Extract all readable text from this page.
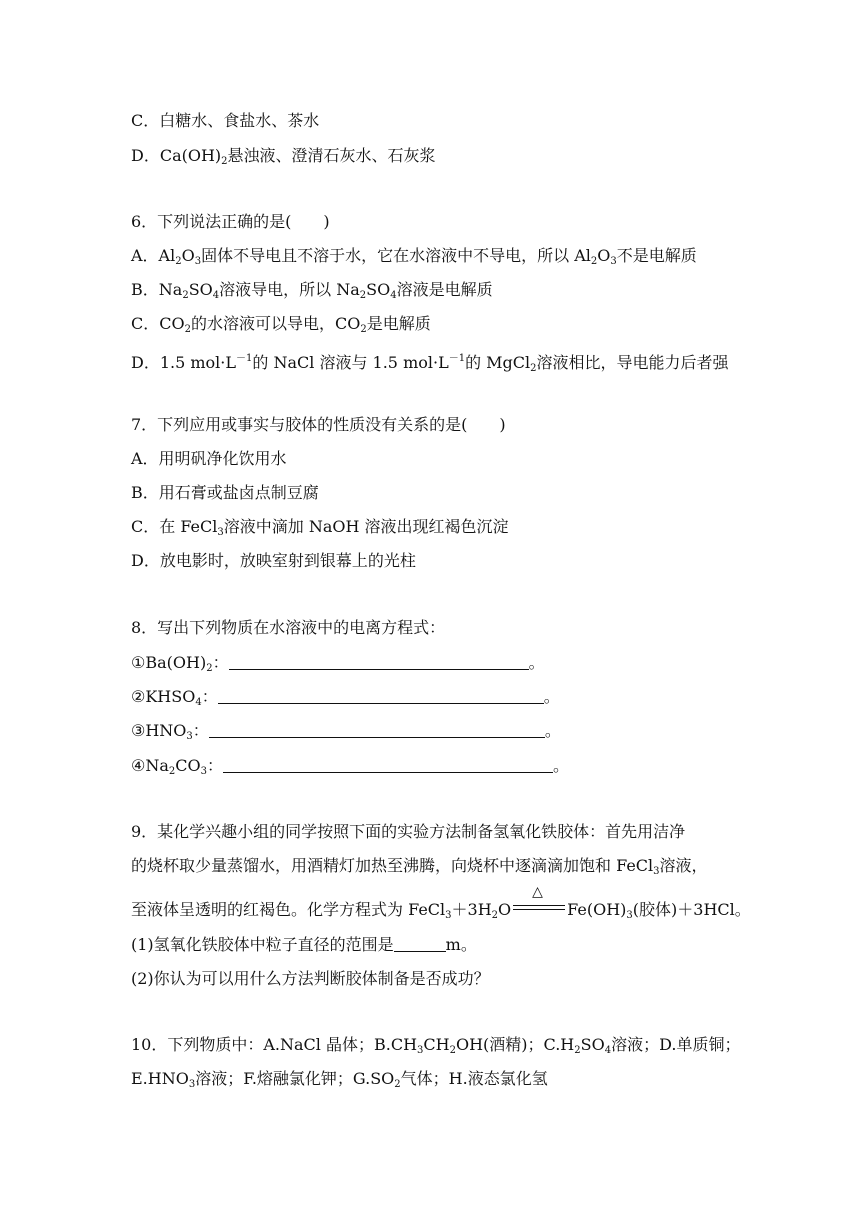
C．白糖水、食盐水、茶水
D．$Ca(OH)_2$悬浊液、澄清石灰水、石灰浆
6．下列说法正确的是(　　)
A．$Al_2O_3$固体不导电且不溶于水，它在水溶液中不导电，所以 $Al_2O_3$不是电解质
B．$Na_2SO_4$溶液导电，所以 $Na_2SO_4$溶液是电解质
C．$CO_2$的水溶液可以导电，$CO_2$是电解质
D．1.5 $mol\cdot L^{-1}$的 NaCl 溶液与 1.5 $mol\cdot L^{-1}$的 MgCl$_2$溶液相比，导电能力后者强
7．下列应用或事实与胶体的性质没有关系的是(　　)
A．用明矾净化饮用水
B．用石膏或盐卤点制豆腐
C．在 FeCl$_3$溶液中滴加 NaOH 溶液出现红褐色沉淀
D．放电影时，放映室射到银幕上的光柱
8．写出下列物质在水溶液中的电离方程式：
$①Ba(OH)_2$：	。
$②KHSO_4$：	。
$③HNO_3$：	。
$④Na_2CO_3$：	。
9．某化学兴趣小组的同学按照下面的实验方法制备氢氧化铁胶体：首先用洁净
的烧杯取少量蒸馏水，用酒精灯加热至沸腾，向烧杯中逐滴滴加饱和 FeCl$_3$溶液，
至液体呈透明的红褐色。化学方程式为 $FeCl_3+3H_2O$
△
$Fe(OH)_3$(胶体)＋3HCl。
(1)氢氧化铁胶体中粒子直径的范围是	m。
(2)你认为可以用什么方法判断胶体制备是否成功？
10．下列物质中：A.NaCl 晶体；$B.CH_3CH_2OH$(酒精)；$C.H_2SO_4$溶液；D.单质铜；
$E.HNO_3$溶液；F.熔融氯化钾；$G.SO_2$气体；H.液态氯化氢
